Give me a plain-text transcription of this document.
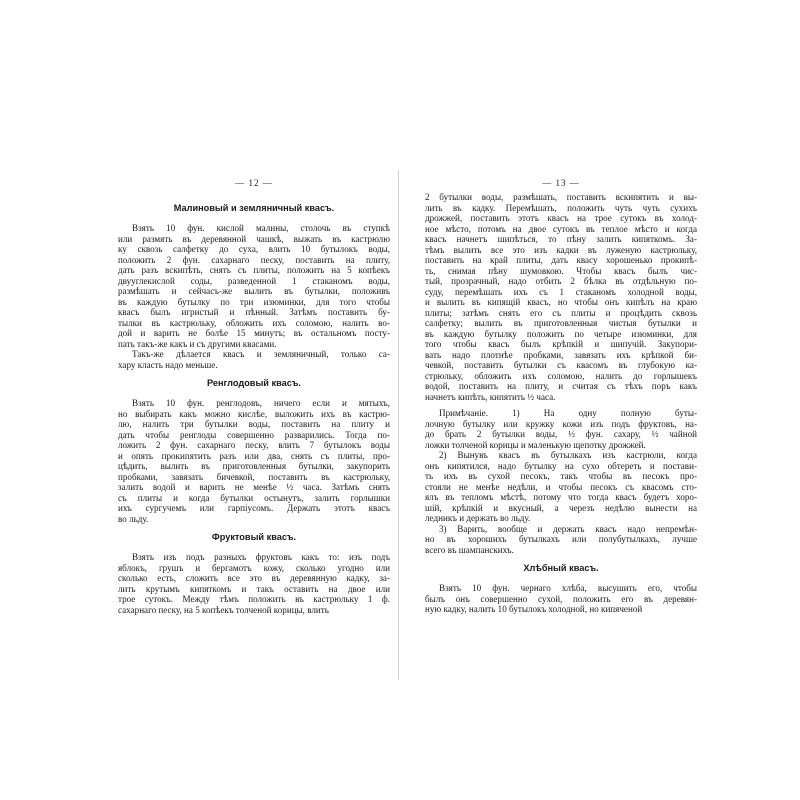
— 12 —
Малиновый и земляничный квасъ.
Взять 10 фун. кислой малины, столочь въ ступкѣ
или размять въ деревянной чашкѣ, выжать въ кастрюлю
ку сквозь салфетку до суха, влить 10 бутылокъ воды,
положить 2 фун. сахарнаго песку, поставить на плиту,
дать разъ вскипѣть, снять съ плиты, положить на 5 копѣекъ
двууглекислой соды, разведенной 1 стаканомъ воды,
размѣшать и сейчасъ-же вылить въ бутылки, положивъ
въ каждую бутылку по три изюминки, для того чтобы
квасъ былъ игристый и пѣнный. Затѣмъ поставить бу-
тылки въ кастрюльку, обложить ихъ соломою, налить во-
дой и варить не болѣе 15 минутъ; въ остальномъ посту-
пать такъ-же какъ и съ другими квасами.
Такъ-же дѣлается квасъ и земляничный, только са-
хару класть надо меньше.
Ренглодовый квасъ.
Взять 10 фун. ренглодовъ, ничего если и мятыхъ,
но выбирать какъ можно кислѣе, выложить ихъ въ кастрю-
лю, налить три бутылки воды, поставить на плиту и
дать чтобы ренглоды совершенно разварились. Тогда по-
ложить 2 фун. сахарнаго песку, влить 7 бутылокъ воды
и опять прокипятить разъ или два, снять съ плиты, про-
цѣдить, вылить въ приготовленныя бутылки, закупорить
пробками, завязать бичевкой, поставить въ кастрюльку,
залить водой и варить не менѣе ½ часа. Затѣмъ снять
съ плиты и когда бутылки остынутъ, залить горлышки
ихъ сургучемъ или гарпіусомъ. Держать этотъ квасъ
во льду.
Фруктовый квасъ.
Взять изъ подъ разныхъ фруктовъ какъ то: изъ подъ
яблокъ, грушъ и бергамотъ кожу, сколько угодно или
сколько есть, сложить все это въ деревянную кадку, за-
лить крутымъ кипяткомъ и такъ оставить на двое или
трое сутокъ. Между тѣмъ положить въ кастрюльку 1 ф.
сахарнаго песку, на 5 копѣекъ толченой корицы, влить
— 13 —
2 бутылки воды, размѣшать, поставить вскипятить и вы-
лить въ кадку. Перемѣшать, положить чуть чуть сухихъ
дрожжей, поставить этотъ квасъ на трое сутокъ въ холод-
ное мѣсто, потомъ на двое сутокъ въ теплое мѣсто и когда
квасъ начнетъ шипѣться, то пѣну залить кипяткомъ. За-
тѣмъ вылить все это изъ кадки въ луженую кастрюльку,
поставить на край плиты, дать квасу хорошенько прокипѣ-
ть, снимая пѣну шумовкою. Чтобы квасъ былъ чис-
тый, прозрачный, надо отбить 2 бѣлка въ отдѣльную по-
суду, перемѣшать ихъ съ 1 стаканомъ холодной воды,
и вылить въ кипящій квасъ, но чтобы онъ кипѣлъ на краю
плиты; затѣмъ снять его съ плиты и процѣдить сквозь
салфетку; вылить въ приготовленныя чистыя бутылки и
въ каждую бутылку положить по четыре изюминки, для
того чтобы квасъ былъ крѣпкій и шипучій. Закупори-
вать надо плотнѣе пробками, завязать ихъ крѣпкой би-
чевкой, поставить бутылки съ квасомъ въ глубокую ка-
стрюльку, обложить ихъ соломою, налить до горлышекъ
водой, поставить на плиту, и считая съ тѣхъ поръ какъ
начнетъ кипѣть, кипятить ½ часа.
Примѣчаніе. 1) На одну полную буты-
лочную бутылку или кружку кожи изъ подъ фруктовъ, на-
до брать 2 бутылки воды, ½ фун. сахару, ½ чайной
ложки толченой корицы и маленькую щепотку дрожжей.
2) Вынувъ квасъ въ бутылкахъ изъ кастрюли, когда
онъ кипятился, надо бутылку на сухо обтереть и постави-
ть ихъ въ сухой песокъ, такъ чтобы въ песокъ про-
стояли не менѣе недѣли, и чтобы песокъ съ квасомъ сто-
ялъ въ тепломъ мѣстѣ, потому что тогда квасъ будетъ хоро-
шій, крѣпкій и вкусный, а черезъ недѣлю вынести на
ледникъ и держать во льду.
3) Варить, вообще и держать квасъ надо непремѣн-
но въ хорошихъ бутылкахъ или полубутылкахъ, лучше
всего въ шампанскихъ.
Хлѣбный квасъ.
Взять 10 фун. чернаго хлѣба, высушить его, чтобы
былъ онъ совершенно сухой, положить его въ деревян-
ную кадку, налить 10 бутылокъ холодной, но кипяченой
